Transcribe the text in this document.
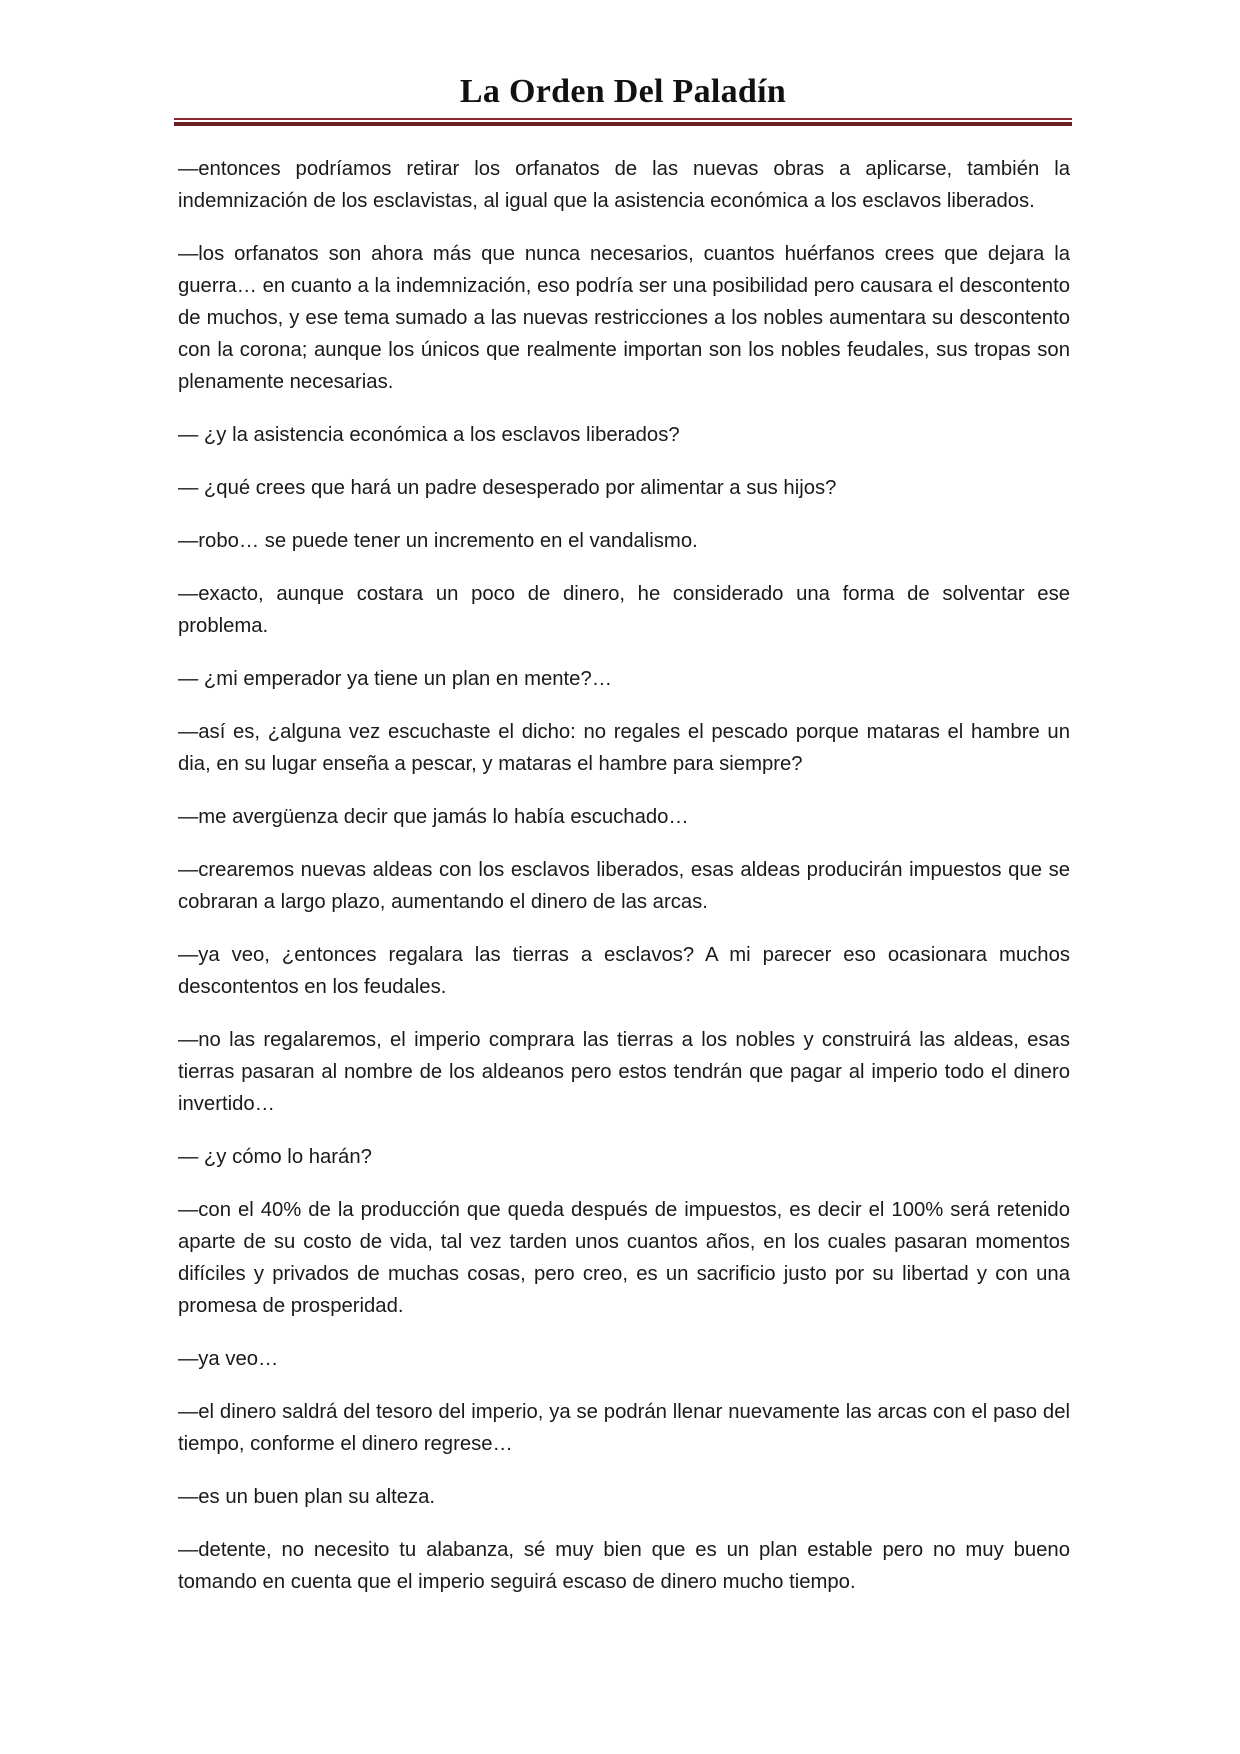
La Orden Del Paladín

—entonces podríamos retirar los orfanatos de las nuevas obras a aplicarse, también la indemnización de los esclavistas, al igual que la asistencia económica a los esclavos liberados.

—los orfanatos son ahora más que nunca necesarios, cuantos huérfanos crees que dejara la guerra… en cuanto a la indemnización, eso podría ser una posibilidad pero causara el descontento de muchos, y ese tema sumado a las nuevas restricciones a los nobles aumentara su descontento con la corona; aunque los únicos que realmente importan son los nobles feudales, sus tropas son plenamente necesarias.

— ¿y la asistencia económica a los esclavos liberados?

— ¿qué crees que hará un padre desesperado por alimentar a sus hijos?

—robo… se puede tener un incremento en el vandalismo.

—exacto, aunque costara un poco de dinero, he considerado una forma de solventar ese problema.

— ¿mi emperador ya tiene un plan en mente?…

—así es, ¿alguna vez escuchaste el dicho: no regales el pescado porque mataras el hambre un dia, en su lugar enseña a pescar, y mataras el hambre para siempre?

—me avergüenza decir que jamás lo había escuchado…

—crearemos nuevas aldeas con los esclavos liberados, esas aldeas producirán impuestos que se cobraran a largo plazo, aumentando el dinero de las arcas.

—ya veo, ¿entonces regalara las tierras a esclavos? A mi parecer eso ocasionara muchos descontentos en los feudales.

—no las regalaremos, el imperio comprara las tierras a los nobles y construirá las aldeas, esas tierras pasaran al nombre de los aldeanos pero estos tendrán que pagar al imperio todo el dinero invertido…

— ¿y cómo lo harán?

—con el 40% de la producción que queda después de impuestos, es decir el 100% será retenido aparte de su costo de vida, tal vez tarden unos cuantos años, en los cuales pasaran momentos difíciles y privados de muchas cosas, pero creo, es un sacrificio justo por su libertad y con una promesa de prosperidad.

—ya veo…

—el dinero saldrá del tesoro del imperio, ya se podrán llenar nuevamente las arcas con el paso del tiempo, conforme el dinero regrese…

—es un buen plan su alteza.

—detente, no necesito tu alabanza, sé muy bien que es un plan estable pero no muy bueno tomando en cuenta que el imperio seguirá escaso de dinero mucho tiempo.
